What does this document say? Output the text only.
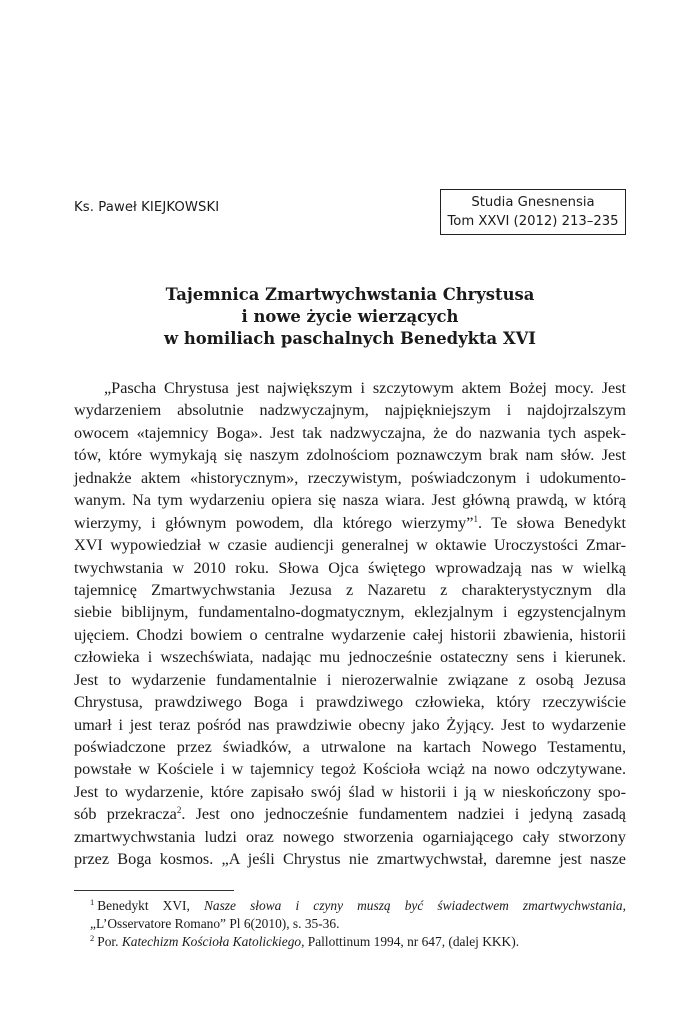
Ks. Paweł KIEJKOWSKI	Studia Gnesnensia
Tom XXVI (2012) 213–235
Tajemnica Zmartwychwstania Chrystusa
i nowe życie wierzących
w homiliach paschalnych Benedykta XVI
„Pascha Chrystusa jest największym i szczytowym aktem Bożej mocy. Jest
wydarzeniem absolutnie nadzwyczajnym, najpiękniejszym i najdojrzalszym
owocem «tajemnicy Boga». Jest tak nadzwyczajna, że do nazwania tych aspek-
tów, które wymykają się naszym zdolnościom poznawczym brak nam słów. Jest
jednakże aktem «historycznym», rzeczywistym, poświadczonym i udokumento-
wanym. Na tym wydarzeniu opiera się nasza wiara. Jest główną prawdą, w którą
wierzymy, i głównym powodem, dla którego wierzymy”$^1$. Te słowa Benedykt
XVI wypowiedział w czasie audiencji generalnej w oktawie Uroczystości Zmar-
twychwstania w 2010 roku. Słowa Ojca świętego wprowadzają nas w wielką
tajemnicę Zmartwychwstania Jezusa z Nazaretu z charakterystycznym dla
siebie biblijnym, fundamentalno-dogmatycznym, eklezjalnym i egzystencjalnym
ujęciem. Chodzi bowiem o centralne wydarzenie całej historii zbawienia, historii
człowieka i wszechświata, nadając mu jednocześnie ostateczny sens i kierunek.
Jest to wydarzenie fundamentalnie i nierozerwalnie związane z osobą Jezusa
Chrystusa, prawdziwego Boga i prawdziwego człowieka, który rzeczywiście
umarł i jest teraz pośród nas prawdziwie obecny jako Żyjący. Jest to wydarzenie
poświadczone przez świadków, a utrwalone na kartach Nowego Testamentu,
powstałe w Kościele i w tajemnicy tegoż Kościoła wciąż na nowo odczytywane.
Jest to wydarzenie, które zapisało swój ślad w historii i ją w nieskończony spo-
sób przekracza$^2$. Jest ono jednocześnie fundamentem nadziei i jedyną zasadą
zmartwychwstania ludzi oraz nowego stworzenia ogarniającego cały stworzony
przez Boga kosmos. „A jeśli Chrystus nie zmartwychwstał, daremne jest nasze
$^1$ Benedykt XVI, Nasze słowa i czyny muszą być świadectwem zmartwychwstania,
„L’Osservatore Romano” Pl 6(2010), s. 35-36.
$^2$ Por. Katechizm Kościoła Katolickiego, Pallottinum 1994, nr 647, (dalej KKK).
